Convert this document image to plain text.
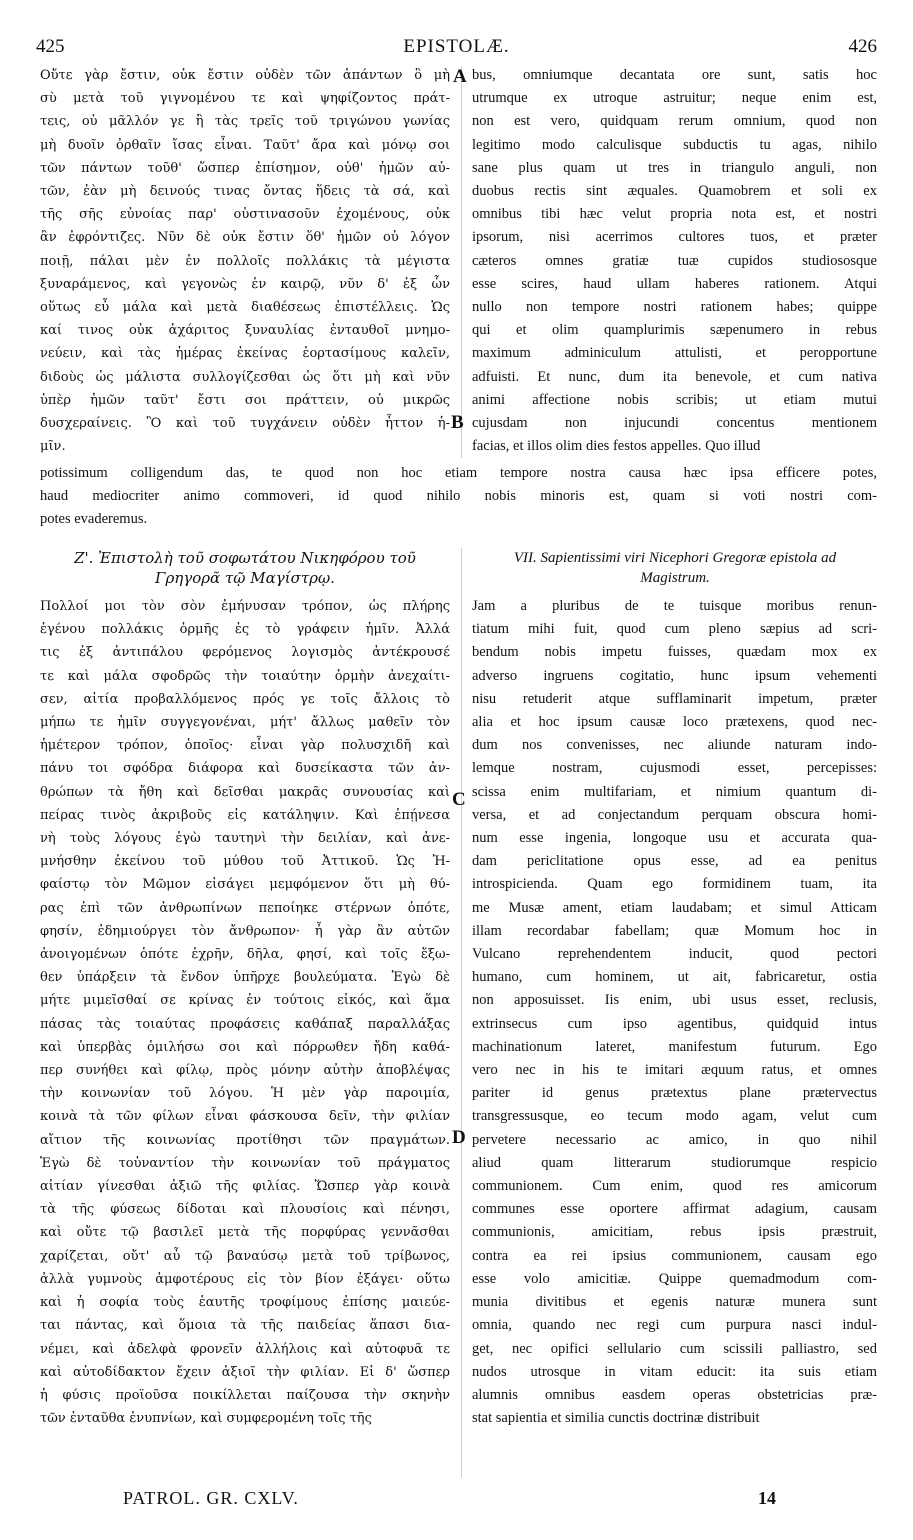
425	EPISTOLÆ.	426
A
B
C
D
Οὔτε γὰρ ἔστιν, οὐκ ἔστιν οὐδὲν τῶν ἁπάντων ὃ μὴ
σὺ μετὰ τοῦ γιγνομένου τε καὶ ψηφίζοντος πράτ-
τεις, οὐ μᾶλλόν γε ἢ τὰς τρεῖς τοῦ τριγώνου γωνίας
μὴ δυοῖν ὀρθαῖν ἴσας εἶναι. Ταῦτ' ἄρα καὶ μόνῳ σοι
τῶν πάντων τοῦθ' ὥσπερ ἐπίσημον, οὐθ' ἡμῶν αὐ-
τῶν, ἐὰν μὴ δεινούς τινας ὄντας ἥδεις τὰ σά, καὶ
τῆς σῆς εὐνοίας παρ' οὑστινασοῦν ἐχομένους, οὐκ
ἂν ἐφρόντιζες. Νῦν δὲ οὐκ ἔστιν ὅθ' ἡμῶν οὐ λόγον
ποιῇ, πάλαι μὲν ἐν πολλοῖς πολλάκις τὰ μέγιστα
ξυναράμενος, καὶ γεγονὼς ἐν καιρῷ, νῦν δ' ἐξ ὧν
οὕτως εὖ μάλα καὶ μετὰ διαθέσεως ἐπιστέλλεις. Ὡς
καί τινος οὐκ ἀχάριτος ξυναυλίας ἐνταυθοῖ μνημο-
νεύειν, καὶ τὰς ἡμέρας ἐκείνας ἑορτασίμους καλεῖν,
διδοὺς ὡς μάλιστα συλλογίζεσθαι ὡς ὅτι μὴ καὶ νῦν
ὑπὲρ ἡμῶν ταῦτ' ἔστι σοι πράττειν, οὐ μικρῶς
δυσχεραίνεις. Ὃ καὶ τοῦ τυγχάνειν οὐδὲν ἧττον ἡ-
μῖν.
bus, omniumque decantata ore sunt, satis hoc
utrumque ex utroque astruitur; neque enim est,
non est vero, quidquam rerum omnium, quod non
legitimo modo calculisque subductis tu agas, nihilo
sane plus quam ut tres in triangulo anguli, non
duobus rectis sint æquales. Quamobrem et soli ex
omnibus tibi hæc velut propria nota est, et nostri
ipsorum, nisi acerrimos cultores tuos, et præter
cæteros omnes gratiæ tuæ cupidos studiososque
esse scires, haud ullam haberes rationem. Atqui
nullo non tempore nostri rationem habes; quippe
qui et olim quamplurimis sæpenumero in rebus
maximum adminiculum attulisti, et peropportune
adfuisti. Et nunc, dum ita benevole, et cum nativa
animi affectione nobis scribis; ut etiam mutui
cujusdam non injucundi concentus mentionem
facias, et illos olim dies festos appelles. Quo illud
potissimum colligendum das, te quod non hoc etiam tempore nostra causa hæc ipsa efficere potes,
haud mediocriter animo commoveri, id quod nihilo nobis minoris est, quam si voti nostri com-
potes evaderemus.
Ζ'. Ἐπιστολὴ τοῦ σοφωτάτου Νικηφόρου τοῦ
Γρηγορᾶ τῷ Μαγίστρῳ.
VII. Sapientissimi viri Nicephori Gregoræ epistola ad
Magistrum.
Πολλοί μοι τὸν σὸν ἐμήνυσαν τρόπον, ὡς πλήρης
ἐγένου πολλάκις ὁρμῆς ἐς τὸ γράφειν ἡμῖν. Ἀλλά
τις ἐξ ἀντιπάλου φερόμενος λογισμὸς ἀντέκρουσέ
τε καὶ μάλα σφοδρῶς τὴν τοιαύτην ὁρμὴν ἀνεχαίτι-
σεν, αἰτία προβαλλόμενος πρός γε τοῖς ἄλλοις τὸ
μήπω τε ἡμῖν συγγεγονέναι, μήτ' ἄλλως μαθεῖν τὸν
ἡμέτερον τρόπον, ὁποῖος· εἶναι γὰρ πολυσχιδῆ καὶ
πάνυ τοι σφόδρα διάφορα καὶ δυσείκαστα τῶν ἀν-
θρώπων τὰ ἤθη καὶ δεῖσθαι μακρᾶς συνουσίας καὶ
πείρας τινὸς ἀκριβοῦς εἰς κατάληψιν. Καὶ ἐπῄνεσα
νὴ τοὺς λόγους ἐγὼ ταυτηνὶ τὴν δειλίαν, καὶ ἀνε-
μνήσθην ἐκείνου τοῦ μύθου τοῦ Ἀττικοῦ. Ὡς Ἡ-
φαίστῳ τὸν Μῶμον εἰσάγει μεμφόμενον ὅτι μὴ θύ-
ρας ἐπὶ τῶν ἀνθρωπίνων πεποίηκε στέρνων ὁπότε,
φησίν, ἐδημιούργει τὸν ἄνθρωπον· ἦ γὰρ ἂν αὐτῶν
ἀνοιγομένων ὁπότε ἐχρῆν, δῆλα, φησί, καὶ τοῖς ἔξω-
θεν ὑπάρξειν τὰ ἔνδον ὑπῆρχε βουλεύματα. Ἐγὼ δὲ
μήτε μιμεῖσθαί σε κρίνας ἐν τούτοις εἰκός, καὶ ἅμα
πάσας τὰς τοιαύτας προφάσεις καθάπαξ παραλλάξας
καὶ ὑπερβὰς ὁμιλήσω σοι καὶ πόρρωθεν ἤδη καθά-
περ συνήθει καὶ φίλῳ, πρὸς μόνην αὐτὴν ἀποβλέψας
τὴν κοινωνίαν τοῦ λόγου. Ἡ μὲν γὰρ παροιμία,
κοινὰ τὰ τῶν φίλων εἶναι φάσκουσα δεῖν, τὴν φιλίαν
αἴτιον τῆς κοινωνίας προτίθησι τῶν πραγμάτων.
Ἐγὼ δὲ τοὐναντίον τὴν κοινωνίαν τοῦ πράγματος
αἰτίαν γίνεσθαι ἀξιῶ τῆς φιλίας. Ὥσπερ γὰρ κοινὰ
τὰ τῆς φύσεως δίδοται καὶ πλουσίοις καὶ πένησι,
καὶ οὔτε τῷ βασιλεῖ μετὰ τῆς πορφύρας γεννᾶσθαι
χαρίζεται, οὔτ' αὖ τῷ βαναύσῳ μετὰ τοῦ τρίβωνος,
ἀλλὰ γυμνοὺς ἀμφοτέρους εἰς τὸν βίον ἐξάγει· οὕτω
καὶ ἡ σοφία τοὺς ἑαυτῆς τροφίμους ἐπίσης μαιεύε-
ται πάντας, καὶ ὅμοια τὰ τῆς παιδείας ἅπασι δια-
νέμει, καὶ ἀδελφὰ φρονεῖν ἀλλήλοις καὶ αὐτοφυᾶ τε
καὶ αὐτοδίδακτον ἔχειν ἀξιοῖ τὴν φιλίαν. Εἰ δ' ὥσπερ
ἡ φύσις προϊοῦσα ποικίλλεται παίζουσα τὴν σκηνὴν
τῶν ἐνταῦθα ἐνυπνίων, καὶ συμφερομένη τοῖς τῆς
Jam a pluribus de te tuisque moribus renun-
tiatum mihi fuit, quod cum pleno sæpius ad scri-
bendum nobis impetu fuisses, quædam mox ex
adverso ingruens cogitatio, hunc ipsum vehementi
nisu retuderit atque sufflaminarit impetum, præter
alia et hoc ipsum causæ loco prætexens, quod nec-
dum nos convenisses, nec aliunde naturam indo-
lemque nostram, cujusmodi esset, percepisses:
scissa enim multifariam, et nimium quantum di-
versa, et ad conjectandum perquam obscura homi-
num esse ingenia, longoque usu et accurata qua-
dam periclitatione opus esse, ad ea penitus
introspicienda. Quam ego formidinem tuam, ita
me Musæ ament, etiam laudabam; et simul Atticam
illam recordabar fabellam; quæ Momum hoc in
Vulcano reprehendentem inducit, quod pectori
humano, cum hominem, ut ait, fabricaretur, ostia
non apposuisset. Iis enim, ubi usus esset, reclusis,
extrinsecus cum ipso agentibus, quidquid intus
machinationum lateret, manifestum futurum. Ego
vero nec in his te imitari æquum ratus, et omnes
pariter id genus prætextus plane prætervectus
transgressusque, eo tecum modo agam, velut cum
pervetere necessario ac amico, in quo nihil
aliud quam litterarum studiorumque respicio
communionem. Cum enim, quod res amicorum
communes esse oportere affirmat adagium, causam
communionis, amicitiam, rebus ipsis præstruit,
contra ea rei ipsius communionem, causam ego
esse volo amicitiæ. Quippe quemadmodum com-
munia divitibus et egenis naturæ munera sunt
omnia, quando nec regi cum purpura nasci indul-
get, nec opifici sellulario cum scissili palliastro, sed
nudos utrosque in vitam educit: ita suis etiam
alumnis omnibus easdem operas obstetricias præ-
stat sapientia et similia cunctis doctrinæ distribuit
PATROL. GR. CXLV.	14
